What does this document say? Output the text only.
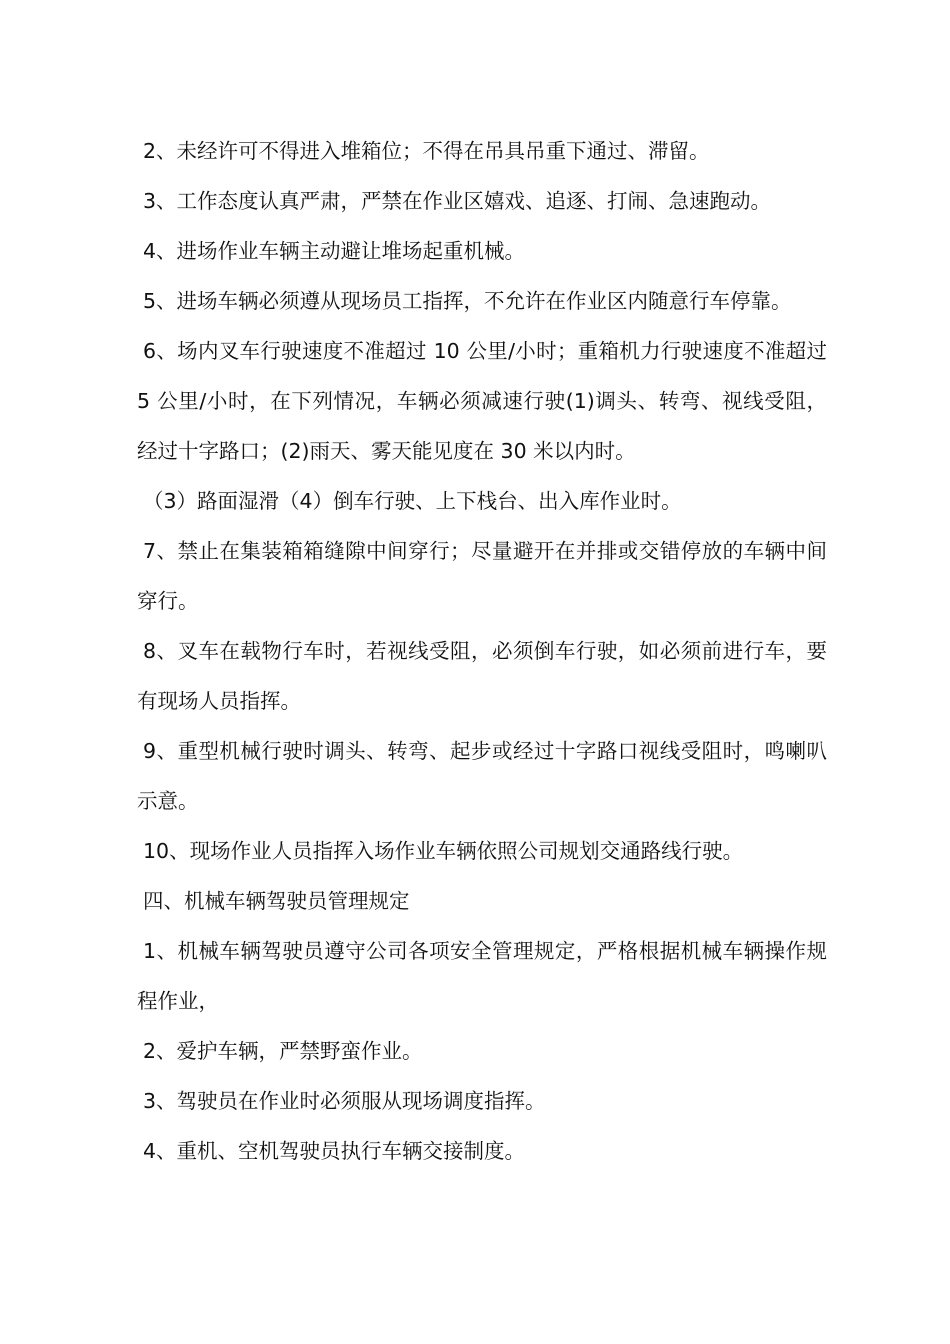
2、未经许可不得进入堆箱位；不得在吊具吊重下通过、滞留。

3、工作态度认真严肃，严禁在作业区嬉戏、追逐、打闹、急速跑动。

4、进场作业车辆主动避让堆场起重机械。

5、进场车辆必须遵从现场员工指挥，不允许在作业区内随意行车停靠。

6、场内叉车行驶速度不准超过 10 公里/小时；重箱机力行驶速度不准超过 5 公里/小时，在下列情况，车辆必须减速行驶(1)调头、转弯、视线受阻，经过十字路口；(2)雨天、雾天能见度在 30 米以内时。

（3）路面湿滑（4）倒车行驶、上下栈台、出入库作业时。

7、禁止在集装箱箱缝隙中间穿行；尽量避开在并排或交错停放的车辆中间穿行。

8、叉车在载物行车时，若视线受阻，必须倒车行驶，如必须前进行车，要有现场人员指挥。

9、重型机械行驶时调头、转弯、起步或经过十字路口视线受阻时，鸣喇叭示意。

10、现场作业人员指挥入场作业车辆依照公司规划交通路线行驶。

四、机械车辆驾驶员管理规定

1、机械车辆驾驶员遵守公司各项安全管理规定，严格根据机械车辆操作规程作业，

2、爱护车辆，严禁野蛮作业。

3、驾驶员在作业时必须服从现场调度指挥。

4、重机、空机驾驶员执行车辆交接制度。
